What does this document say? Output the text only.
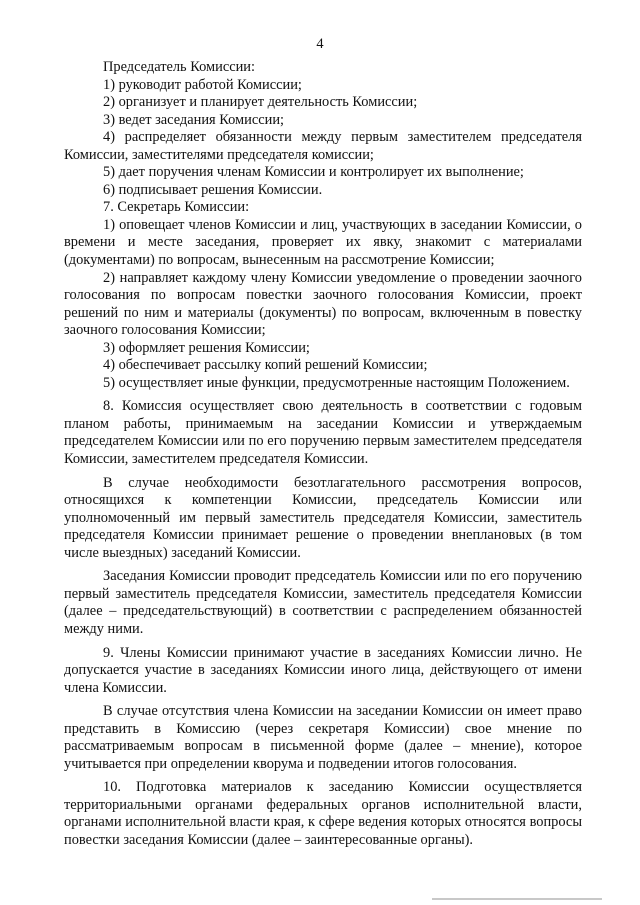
4

Председатель Комиссии:

1) руководит работой Комиссии;

2) организует и планирует деятельность Комиссии;

3) ведет заседания Комиссии;

4) распределяет обязанности между первым заместителем председателя Комиссии, заместителями председателя комиссии;

5) дает поручения членам Комиссии и контролирует их выполнение;

6) подписывает решения Комиссии.

7. Секретарь Комиссии:

1) оповещает членов Комиссии и лиц, участвующих в заседании Комиссии, о времени и месте заседания, проверяет их явку, знакомит с материалами (документами) по вопросам, вынесенным на рассмотрение Комиссии;

2) направляет каждому члену Комиссии уведомление о проведении заочного голосования по вопросам повестки заочного голосования Комиссии, проект решений по ним и материалы (документы) по вопросам, включенным в повестку заочного голосования Комиссии;

3) оформляет решения Комиссии;

4) обеспечивает рассылку копий решений Комиссии;

5) осуществляет иные функции, предусмотренные настоящим Положением.

8. Комиссия осуществляет свою деятельность в соответствии с годовым планом работы, принимаемым на заседании Комиссии и утверждаемым председателем Комиссии или по его поручению первым заместителем председателя Комиссии, заместителем председателя Комиссии.

В случае необходимости безотлагательного рассмотрения вопросов, относящихся к компетенции Комиссии, председатель Комиссии или уполномоченный им первый заместитель председателя Комиссии, заместитель председателя Комиссии принимает решение о проведении внеплановых (в том числе выездных) заседаний Комиссии.

Заседания Комиссии проводит председатель Комиссии или по его поручению первый заместитель председателя Комиссии, заместитель председателя Комиссии (далее – председательствующий) в соответствии с распределением обязанностей между ними.

9. Члены Комиссии принимают участие в заседаниях Комиссии лично. Не допускается участие в заседаниях Комиссии иного лица, действующего от имени члена Комиссии.

В случае отсутствия члена Комиссии на заседании Комиссии он имеет право представить в Комиссию (через секретаря Комиссии) свое мнение по рассматриваемым вопросам в письменной форме (далее – мнение), которое учитывается при определении кворума и подведении итогов голосования.

10. Подготовка материалов к заседанию Комиссии осуществляется территориальными органами федеральных органов исполнительной власти, органами исполнительной власти края, к сфере ведения которых относятся вопросы повестки заседания Комиссии (далее – заинтересованные органы).
